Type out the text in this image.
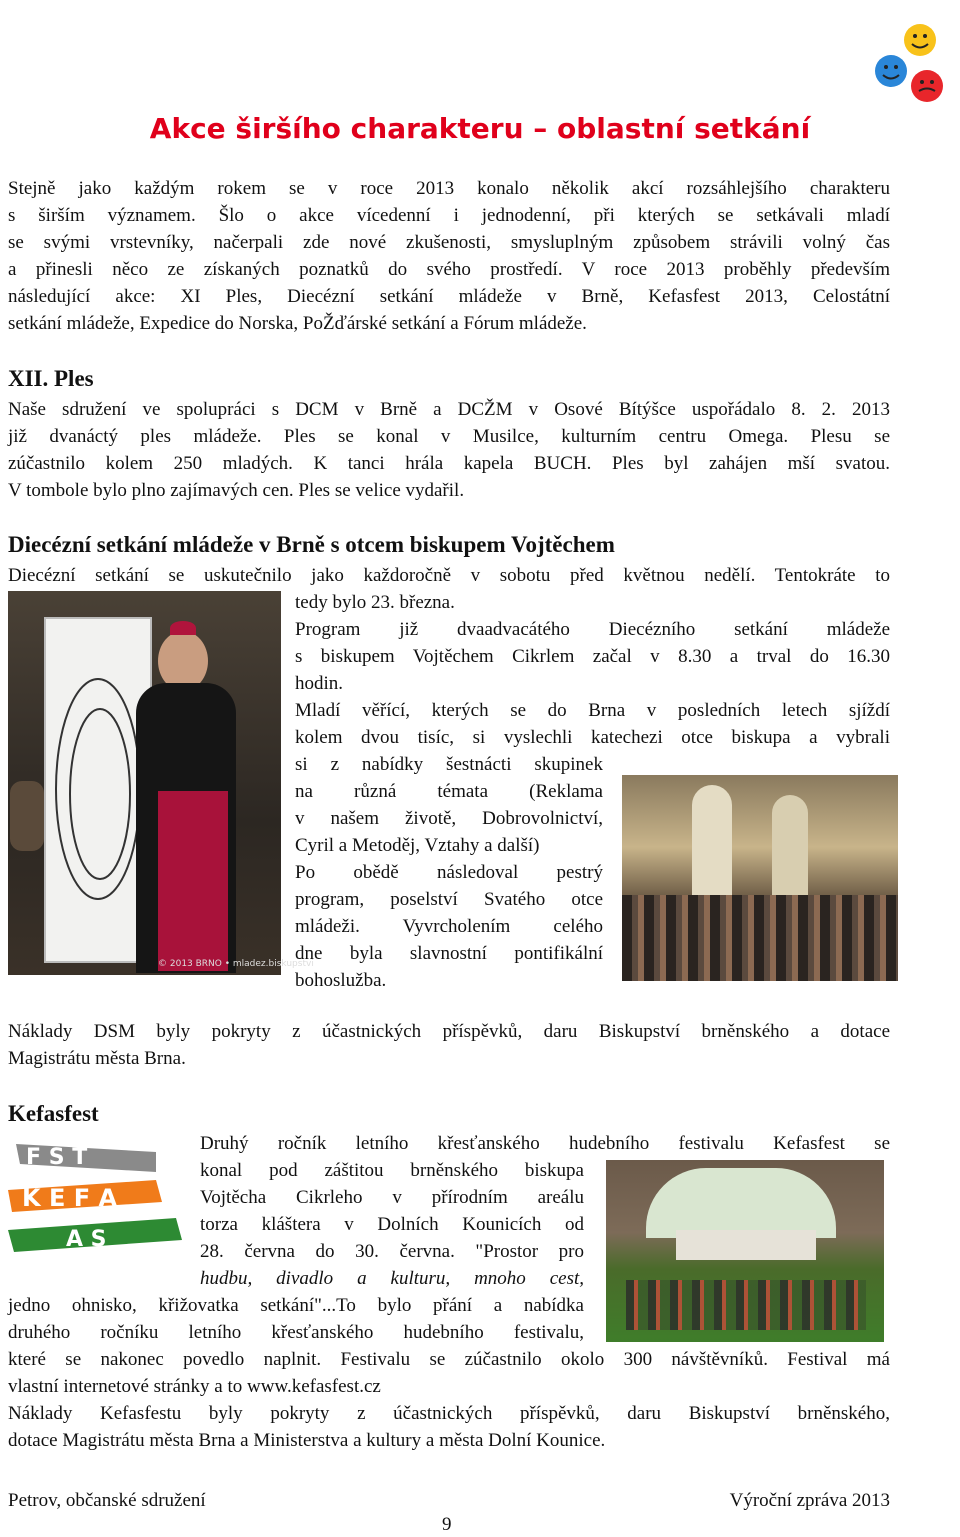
Akce širšího charakteru – oblastní setkání
Stejně jako každým rokem se v roce 2013 konalo několik akcí rozsáhlejšího charakteru
s širším významem. Šlo o akce vícedenní i jednodenní, při kterých se setkávali mladí
se svými vrstevníky, načerpali zde nové zkušenosti, smysluplným způsobem strávili volný čas
a přinesli něco ze získaných poznatků do svého prostředí. V roce 2013 proběhly především
následující akce: XI Ples, Diecézní setkání mládeže v Brně, Kefasfest 2013, Celostátní
setkání mládeže, Expedice do Norska, PoŽďárské setkání a Fórum mládeže.
XII. Ples
Naše sdružení ve spolupráci s DCM v Brně a DCŽM v Osové Bítýšce uspořádalo 8. 2. 2013
již dvanáctý ples mládeže. Ples se konal v Musilce, kulturním centru Omega. Plesu se
zúčastnilo kolem 250 mladých. K tanci hrála kapela BUCH. Ples byl zahájen mší svatou.
V tombole bylo plno zajímavých cen. Ples se velice vydařil.
Diecézní setkání mládeže v Brně s otcem biskupem Vojtěchem
Diecézní setkání se uskutečnilo jako každoročně v sobotu před květnou nedělí. Tentokráte to
© 2013 BRNO • mladez.biskupstvi
tedy bylo 23. března.
Program již dvaadvacátého Diecézního setkání mládeže
s biskupem Vojtěchem Cikrlem začal v 8.30 a trval do 16.30
hodin.
Mladí věřící, kterých se do Brna v posledních letech sjíždí
kolem dvou tisíc, si vyslechli katechezi otce biskupa a vybrali
si z nabídky šestnácti skupinek
na různá témata (Reklama
v našem životě, Dobrovolnictví,
Cyril a Metoděj, Vztahy a další)
Po obědě následoval pestrý
program, poselství Svatého otce
mládeži. Vyvrcholením celého
dne byla slavnostní pontifikální
bohoslužba.
Náklady DSM byly pokryty z účastnických příspěvků, daru Biskupství brněnského a dotace
Magistrátu města Brna.
Kefasfest
F S T
K E F A
A S
Druhý ročník letního křesťanského hudebního festivalu Kefasfest se
konal pod záštitou brněnského biskupa
Vojtěcha Cikrleho v přírodním areálu
torza kláštera v Dolních Kounicích od
28. června do 30. června. "Prostor pro
hudbu, divadlo a kulturu, mnoho cest,
jedno ohnisko, křižovatka setkání"...To bylo přání a nabídka
druhého ročníku letního křesťanského hudebního festivalu,
které se nakonec povedlo naplnit. Festivalu se zúčastnilo okolo 300 návštěvníků. Festival má
vlastní internetové stránky a to www.kefasfest.cz
Náklady Kefasfestu byly pokryty z účastnických příspěvků, daru Biskupství brněnského,
dotace Magistrátu města Brna a Ministerstva a kultury a města Dolní Kounice.
Petrov, občanské sdružení	Výroční zpráva 2013
9
